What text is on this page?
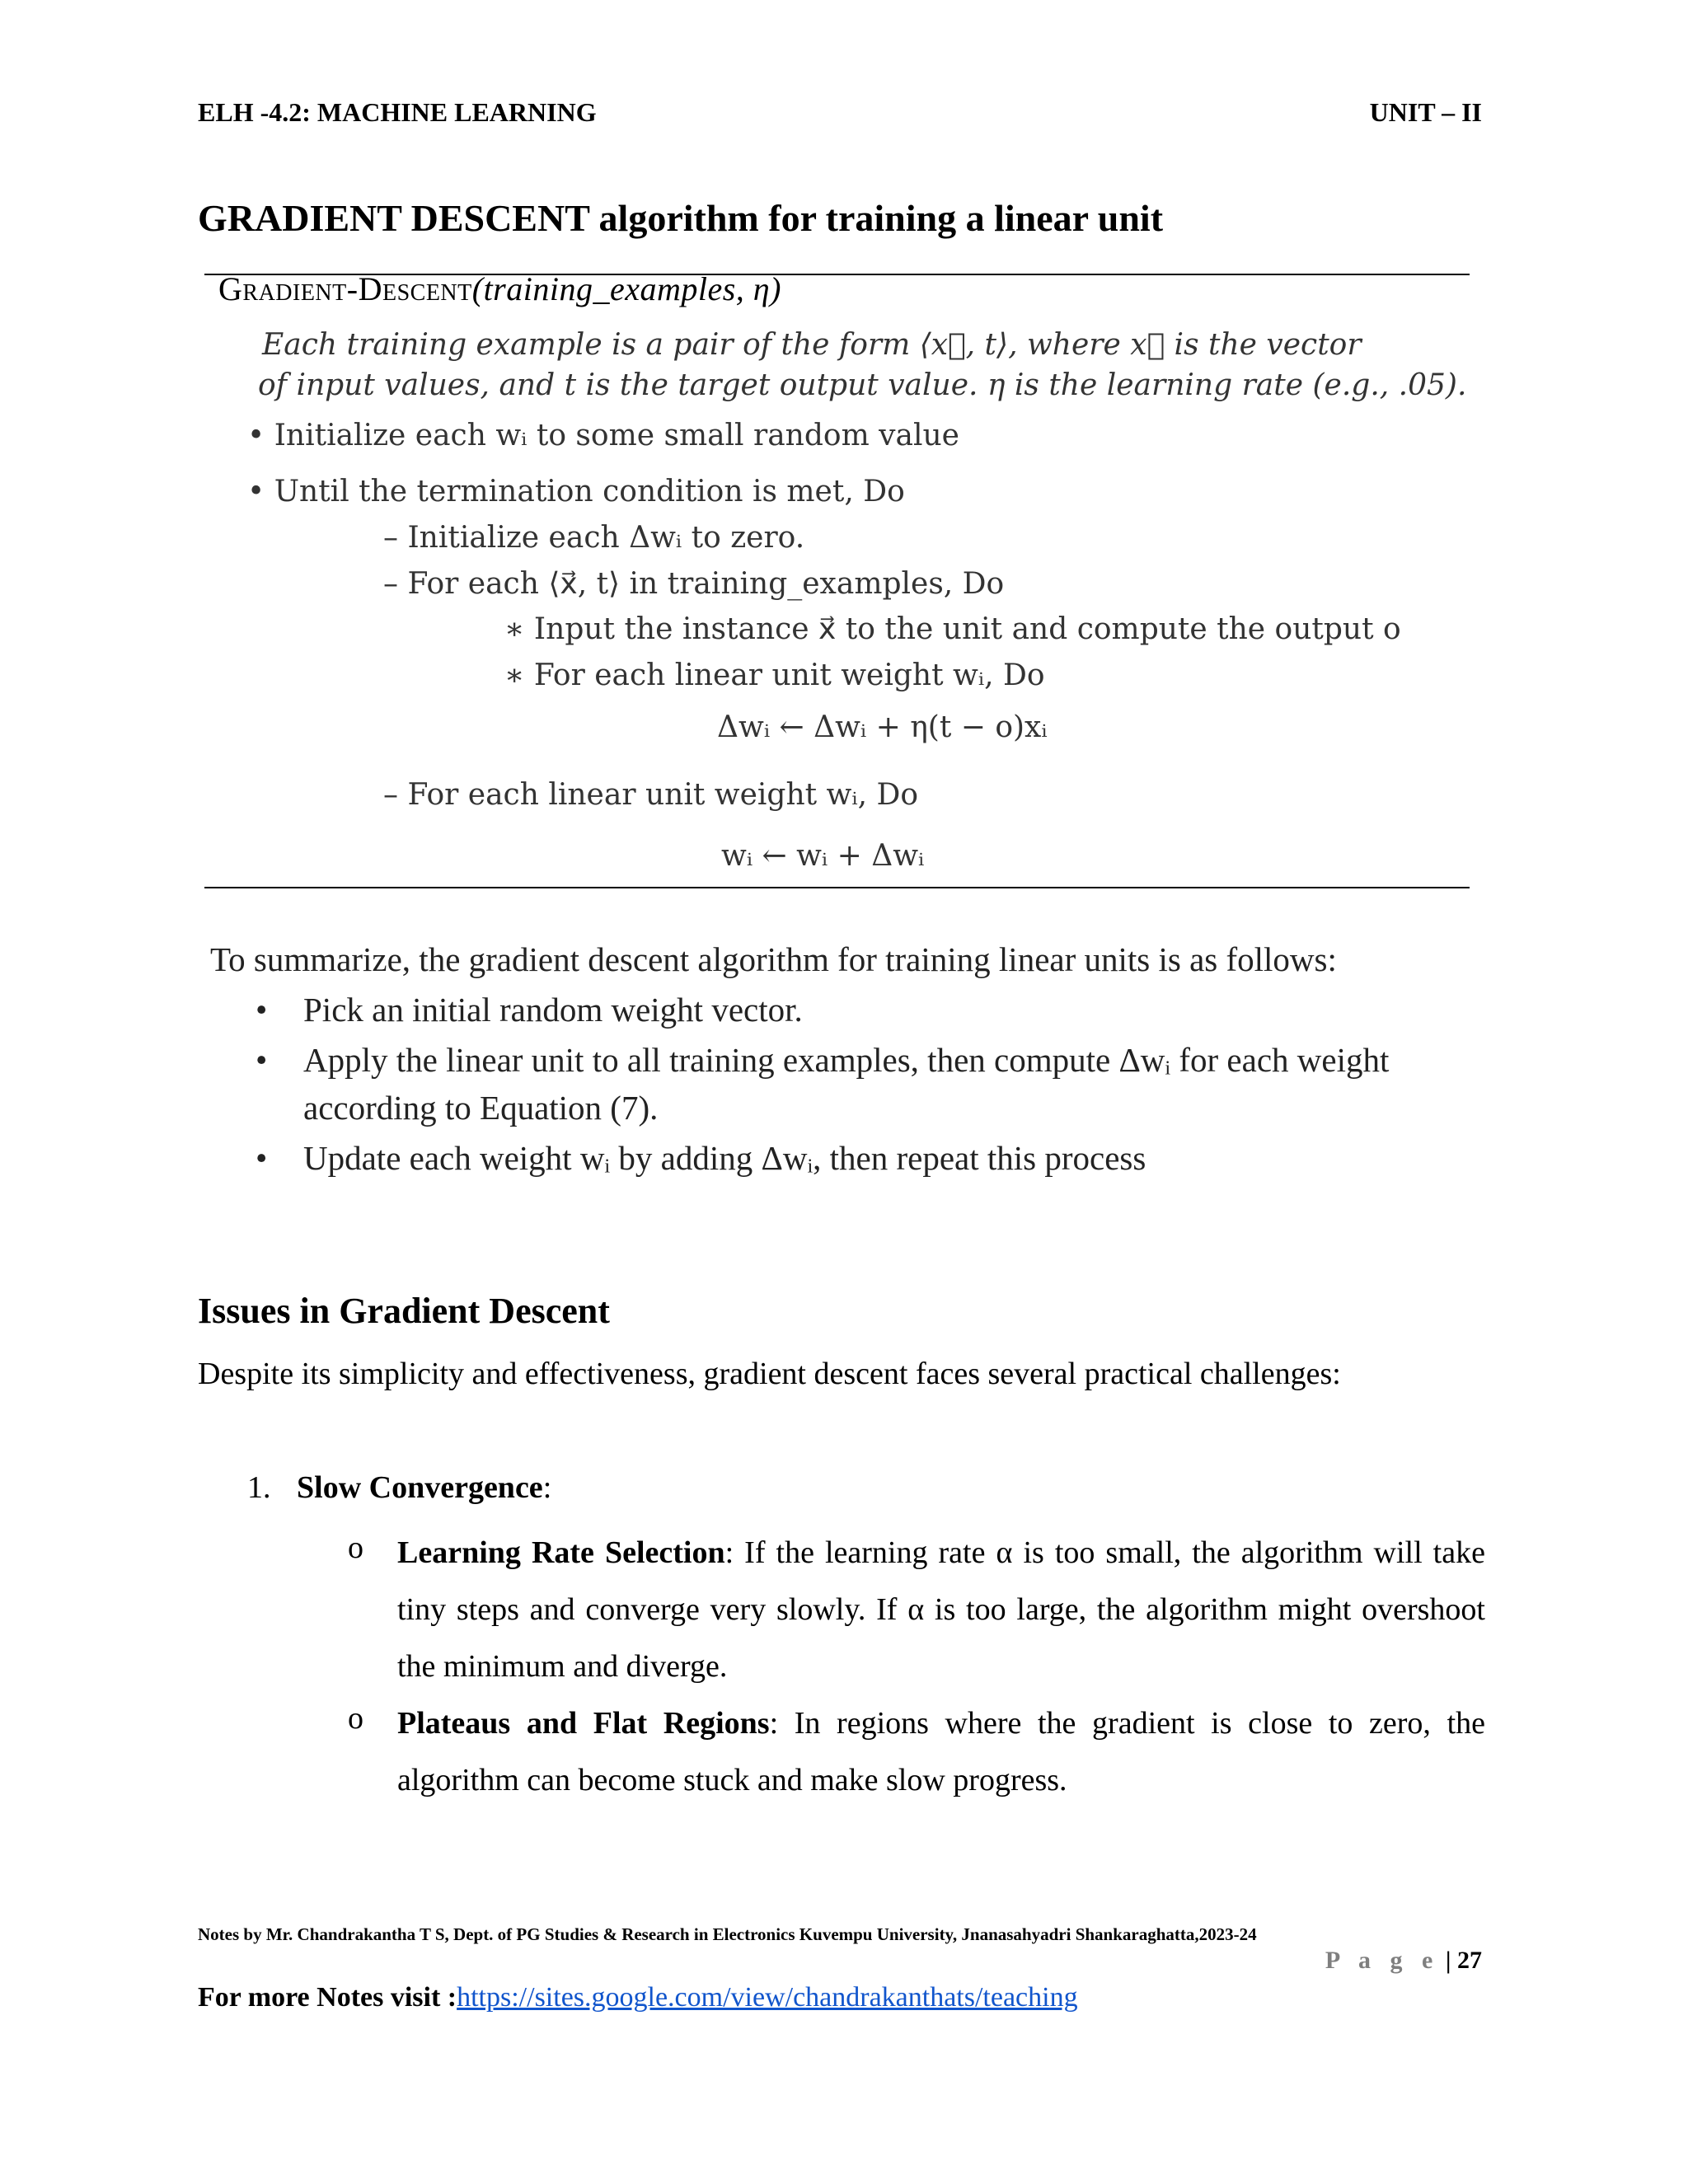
ELH -4.2: MACHINE LEARNING	UNIT – II
GRADIENT DESCENT algorithm for training a linear unit
Gradient-Descent(training_examples, η)
Each training example is a pair of the form ⟨x⃗, t⟩, where x⃗ is the vector
of input values, and t is the target output value. η is the learning rate (e.g., .05).
• Initialize each wᵢ to some small random value
• Until the termination condition is met, Do
– Initialize each Δwᵢ to zero.
– For each ⟨x⃗, t⟩ in training_examples, Do
∗ Input the instance x⃗ to the unit and compute the output o
∗ For each linear unit weight wᵢ, Do
Δwᵢ ← Δwᵢ + η(t − o)xᵢ
– For each linear unit weight wᵢ, Do
wᵢ ← wᵢ + Δwᵢ
To summarize, the gradient descent algorithm for training linear units is as follows:
• Pick an initial random weight vector.
• Apply the linear unit to all training examples, then compute Δwᵢ for each weight
according to Equation (7).
• Update each weight wᵢ by adding Δwᵢ, then repeat this process
Issues in Gradient Descent
Despite its simplicity and effectiveness, gradient descent faces several practical challenges:
1. Slow Convergence:
o Learning Rate Selection: If the learning rate α is too small, the algorithm will take tiny steps and converge very slowly. If α is too large, the algorithm might overshoot the minimum and diverge.
o Plateaus and Flat Regions: In regions where the gradient is close to zero, the algorithm can become stuck and make slow progress.
Notes by Mr. Chandrakantha T S, Dept. of PG Studies & Research in Electronics Kuvempu University, Jnanasahyadri Shankaraghatta,2023-24
P a g e | 27
For more Notes visit :https://sites.google.com/view/chandrakanthats/teaching
